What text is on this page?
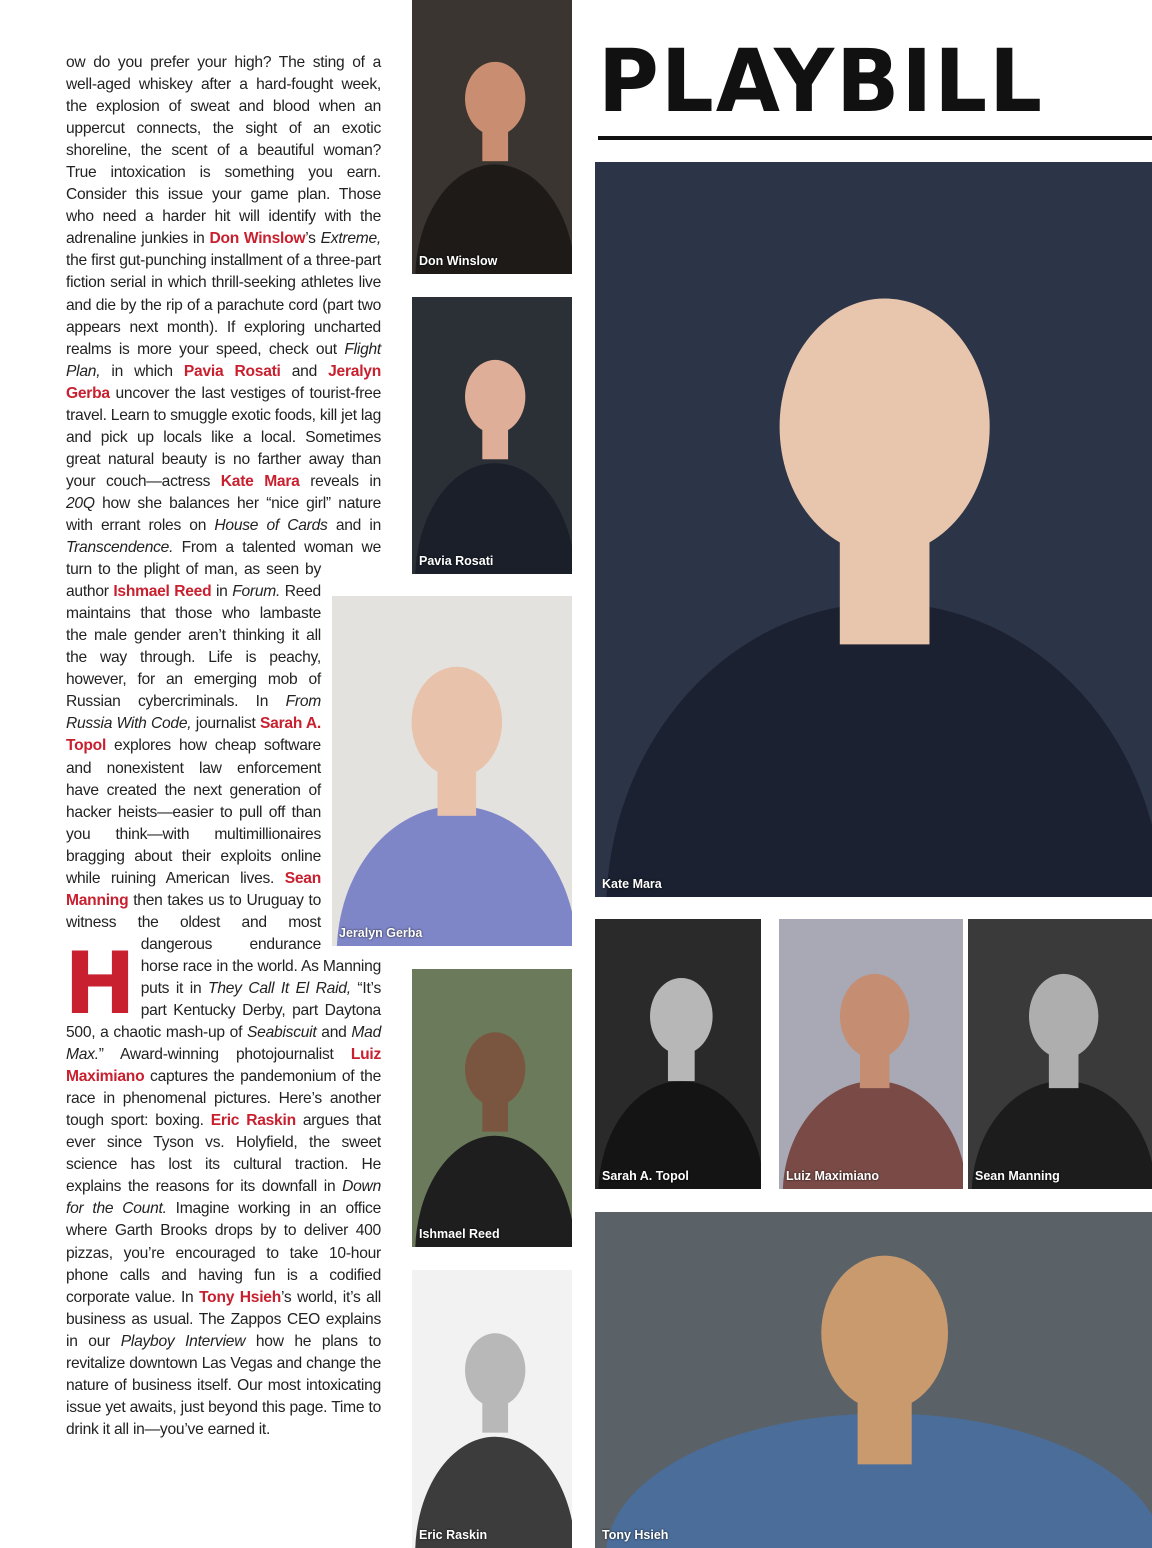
PLAYBILL

H
ow do you prefer your high? The sting of a well-aged whiskey after a hard-fought week, the explosion of sweat and blood when an uppercut connects, the sight of an exotic shoreline, the scent of a beautiful woman? True intoxication is something you earn. Consider this issue your game plan. Those who need a harder hit will identify with the adrenaline junkies in Don Winslow’s Extreme, the first gut-punching installment of a three-part fiction serial in which thrill-seeking athletes live and die by the rip of a parachute cord (part two appears next month). If exploring uncharted realms is more your speed, check out Flight Plan, in which Pavia Rosati and Jeralyn Gerba uncover the last vestiges of tourist-free travel. Learn to smuggle exotic foods, kill jet lag and pick up locals like a local. Sometimes great natural beauty is no farther away than your couch—actress Kate Mara reveals in 20Q how she balances her “nice girl” nature with errant roles on House of Cards and in Transcendence. From a talented woman we turn to the plight of man, as seen by author Ishmael Reed in Forum. Reed maintains that those who lambaste the male gender aren’t thinking it all the way through. Life is peachy, however, for an emerging mob of Russian cybercriminals. In From Russia With Code, journalist Sarah A. Topol explores how cheap software and nonexistent law enforcement have created the next generation of hacker heists—easier to pull off than you think—with multimillionaires bragging about their exploits online while ruining American lives. Sean Manning then takes us to Uruguay to witness the oldest and most dangerous endurance horse race in the world. As Manning puts it in They Call It El Raid, “It’s part Kentucky Derby, part Daytona 500, a chaotic mash-up of Seabiscuit and Mad Max.” Award-winning photojournalist Luiz Maximiano captures the pandemonium of the race in phenomenal pictures. Here’s another tough sport: boxing. Eric Raskin argues that ever since Tyson vs. Holyfield, the sweet science has lost its cultural traction. He explains the reasons for its downfall in Down for the Count. Imagine working in an office where Garth Brooks drops by to deliver 400 pizzas, you’re encouraged to take 10-hour phone calls and having fun is a codified corporate value. In Tony Hsieh’s world, it’s all business as usual. The Zappos CEO explains in our Playboy Interview how he plans to revitalize downtown Las Vegas and change the nature of business itself. Our most intoxicating issue yet awaits, just beyond this page. Time to drink it all in—you’ve earned it.

Don Winslow
Pavia Rosati
Jeralyn Gerba
Ishmael Reed
Eric Raskin
Kate Mara
Sarah A. Topol	Luiz Maximiano	Sean Manning
Tony Hsieh
